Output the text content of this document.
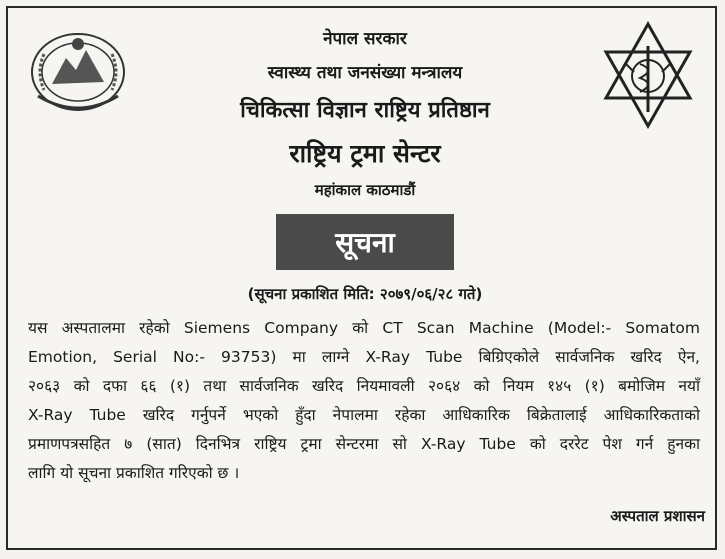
नेपाल सरकार
स्वास्थ्य तथा जनसंख्या मन्त्रालय
चिकित्सा विज्ञान राष्ट्रिय प्रतिष्ठान
राष्ट्रिय ट्रमा सेन्टर
महांकाल काठमाडौं
सूचना
(सूचना प्रकाशित मिति: २०७९/०६/२८ गते)
यस अस्पतालमा रहेको Siemens Company को CT Scan Machine (Model:- Somatom
Emotion, Serial No:- 93753) मा लाग्ने X-Ray Tube बिग्रिएकोले सार्वजनिक खरिद ऐन,
२०६३ को दफा ६६ (१) तथा सार्वजनिक खरिद नियमावली २०६४ को नियम १४५ (१) बमोजिम नयाँ
X-Ray Tube खरिद गर्नुपर्ने भएको हुँदा नेपालमा रहेका आधिकारिक बिक्रेतालाई आधिकारिकताको
प्रमाणपत्रसहित ७ (सात) दिनभित्र राष्ट्रिय ट्रमा सेन्टरमा सो X-Ray Tube को दररेट पेश गर्न हुनका
लागि यो सूचना प्रकाशित गरिएको छ ।
अस्पताल प्रशासन
